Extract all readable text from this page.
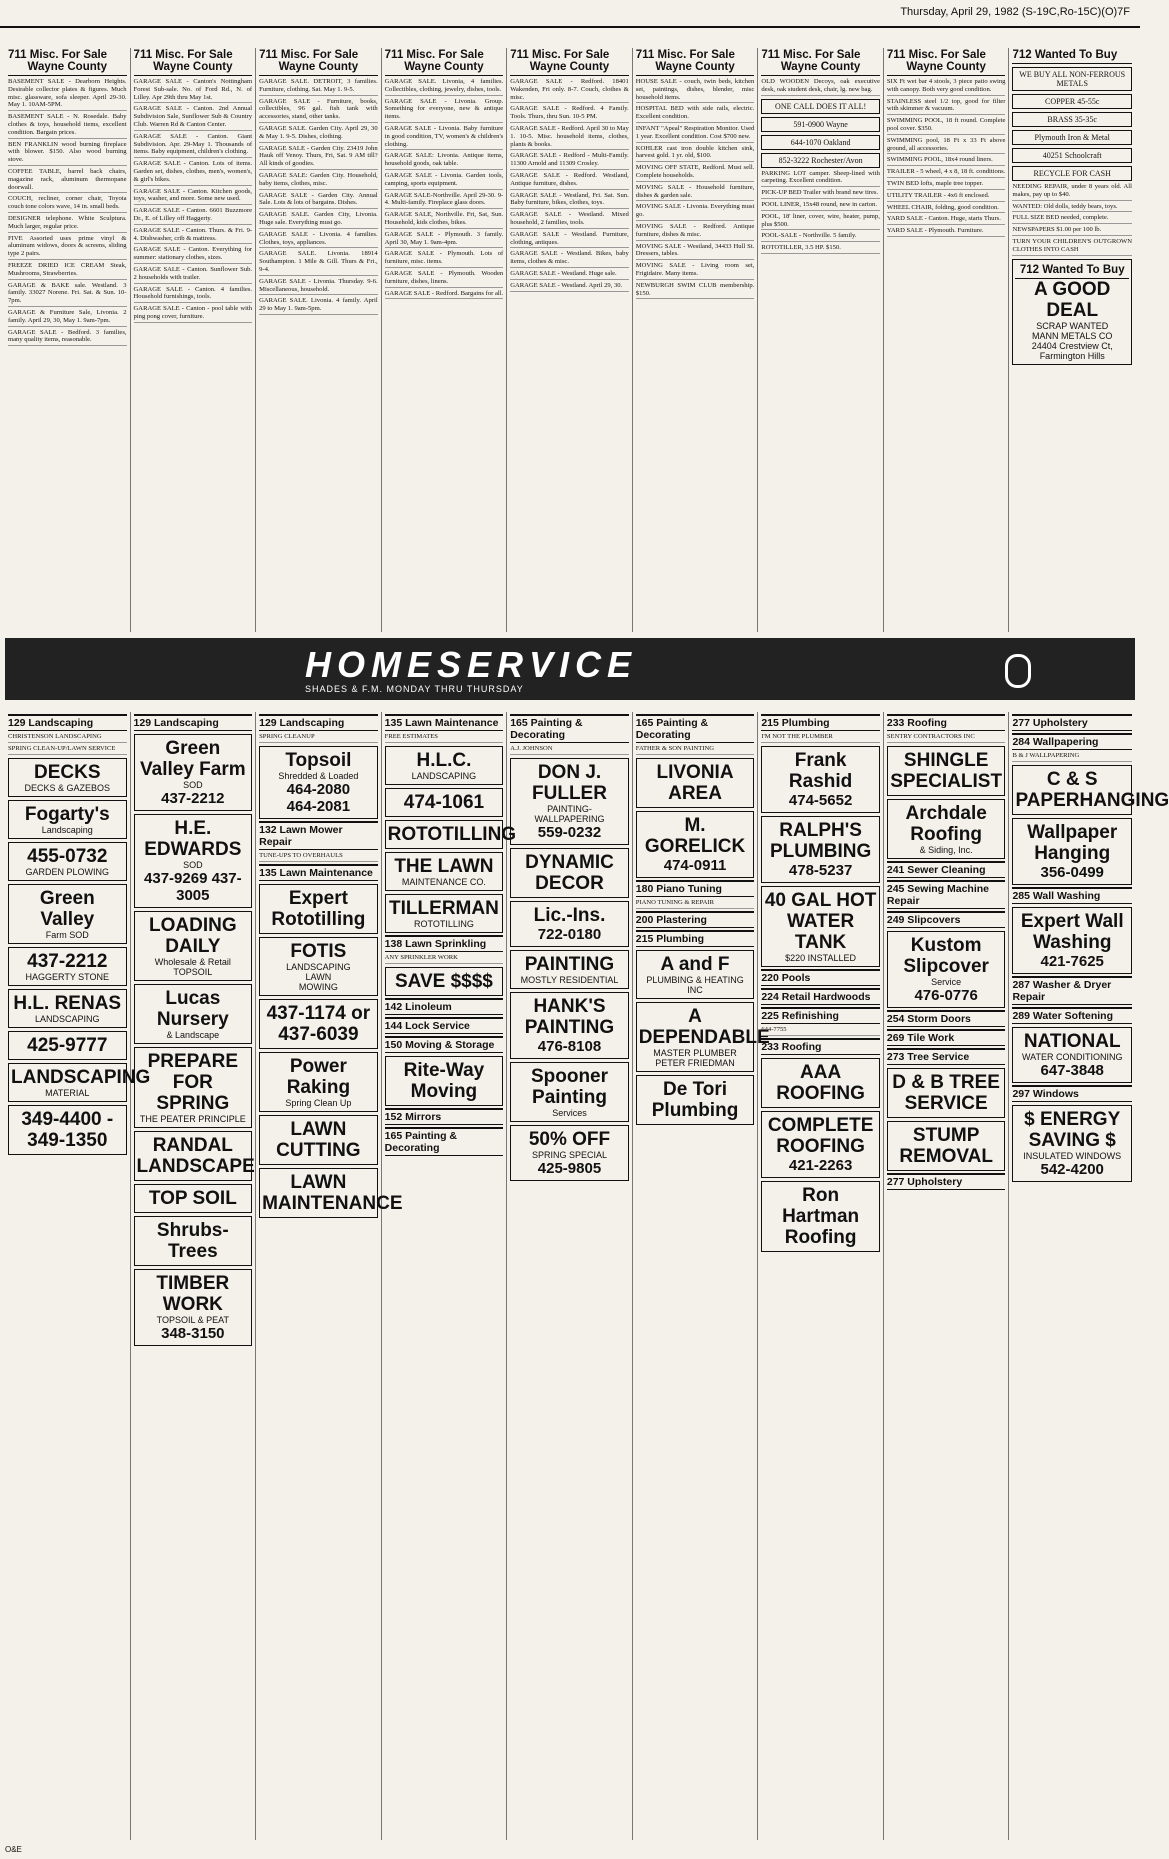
Thursday, April 29, 1982 (S-19C,Ro-15C)(O)7F
711 Misc. For Sale
Wayne County
BASEMENT SALE - Dearborn Heights. Desirable collector plates & figures. Much misc. glassware, sofa sleeper. April 29-30. May 1. 10AM-5PM.
BASEMENT SALE - N. Rosedale. Baby clothes & toys, household items, excellent condition. Bargain prices.
BEN FRANKLIN wood burning fireplace with blower. $150. Also wood burning stove.
COFFEE TABLE, barrel back chairs, magazine rack, aluminum thermopane doorwall.
COUCH, recliner, corner chair, Toyota couch tone colors wave, 14 in. small beds.
DESIGNER telephone. White Sculptura. Much larger, regular price.
FIVE Assorted uses prime vinyl & aluminum widows, doors & screens, sliding type 2 pairs.
FREEZE DRIED ICE CREAM Steak, Mushrooms, Strawberries.
GARAGE & BAKE sale. Westland. 3 family. 33027 Norene. Fri. Sat. & Sun. 10-7pm.
GARAGE & Furniture Sale, Livonia. 2 family. April 29, 30, May 1. 9am-7pm.
GARAGE SALE - Bedford. 3 families, many quality items, reasonable.
711 Misc. For Sale
Wayne County
GARAGE SALE - Canton's Nottingham Forest Sub-sale. No. of Ford Rd., N. of Lilley. Apr 29th thru May 1st.
GARAGE SALE - Canton. 2nd Annual Subdivision Sale, Sunflower Sub & Country Club. Warren Rd & Canton Center.
GARAGE SALE - Canton. Giant Subdivision. Apr. 29-May 1. Thousands of items. Baby equipment, children's clothing.
GARAGE SALE - Canton. Lots of items. Garden set, dishes, clothes, men's, women's, & girl's bikes.
GARAGE SALE - Canton. Kitchen goods, toys, washer, and more. Some new used.
GARAGE SALE - Canton. 6601 Buzzmore Dr., E. of Lilley off Haggerty.
GARAGE SALE - Canton. Thurs. & Fri. 9-4. Dishwasher, crib & mattress.
GARAGE SALE - Canton. Everything for summer: stationary clothes, sizes.
GARAGE SALE - Canton. Sunflower Sub. 2 households with trailer.
GARAGE SALE - Canton. 4 families. Household furnishings, tools.
GARAGE SALE - Canton - pool table with ping pong cover, furniture.
711 Misc. For Sale
Wayne County
GARAGE SALE. DETROIT, 3 families. Furniture, clothing. Sat. May 1. 9-5.
GARAGE SALE - Furniture, books, collectibles, 96 gal. fish tank with accessories, stand, other tanks.
GARAGE SALE. Garden City. April 29, 30 & May 1. 9-5. Dishes, clothing.
GARAGE SALE - Garden City. 23419 John Hauk off Venoy. Thurs, Fri, Sat. 9 AM till? All kinds of goodies.
GARAGE SALE: Garden City. Household, baby items, clothes, misc.
GARAGE SALE - Garden City. Annual Sale. Lots & lots of bargains. Dishes.
GARAGE SALE. Garden City, Livonia. Huge sale. Everything must go.
GARAGE SALE - Livonia. 4 families. Clothes, toys, appliances.
GARAGE SALE. Livonia. 18914 Southampton. 1 Mile & Gill. Thurs & Fri., 9-4.
GARAGE SALE - Livonia. Thursday. 9-6. Miscellaneous, household.
GARAGE SALE. Livonia. 4 family. April 29 to May 1. 9am-5pm.
711 Misc. For Sale
Wayne County
GARAGE SALE. Livonia, 4 families. Collectibles, clothing, jewelry, dishes, tools.
GARAGE SALE - Livonia. Group. Something for everyone, new & antique items.
GARAGE SALE - Livonia. Baby furniture in good condition, TV, women's & children's clothing.
GARAGE SALE: Livonia. Antique items, household goods, oak table.
GARAGE SALE - Livonia. Garden tools, camping, sports equipment.
GARAGE SALE-Northville. April 29-30. 9-4. Multi-family. Fireplace glass doors.
GARAGE SALE, Northville. Fri, Sat, Sun. Household, kids clothes, bikes.
GARAGE SALE - Plymouth. 3 family. April 30, May 1. 9am-4pm.
GARAGE SALE - Plymouth. Lots of furniture, misc. items.
GARAGE SALE - Plymouth. Wooden furniture, dishes, linens.
GARAGE SALE - Redford. Bargains for all.
711 Misc. For Sale
Wayne County
GARAGE SALE - Redford. 18401 Wakenden, Fri only. 8-7. Couch, clothes & misc.
GARAGE SALE - Redford. 4 Family. Tools. Thurs, thru Sun. 10-5 PM.
GARAGE SALE - Redford. April 30 to May 1. 10-5. Misc. household items, clothes, plants & books.
GARAGE SALE - Redford - Multi-Family. 11300 Arnold and 11309 Crosley.
GARAGE SALE - Redford. Westland, Antique furniture, dishes.
GARAGE SALE - Westland, Fri. Sat. Sun. Baby furniture, bikes, clothes, toys.
GARAGE SALE - Westland. Mixed household, 2 families, tools.
GARAGE SALE - Westland. Furniture, clothing, antiques.
GARAGE SALE - Westland. Bikes, baby items, clothes & misc.
GARAGE SALE - Westland. Huge sale.
GARAGE SALE - Westland. April 29, 30.
711 Misc. For Sale
Wayne County
HOUSE SALE - couch, twin beds, kitchen set, paintings, dishes, blender, misc household items.
HOSPITAL BED with side rails, electric. Excellent condition.
INFANT "Apeal" Respiration Monitor. Used 1 year. Excellent condition. Cost $700 new.
KOHLER cast iron double kitchen sink, harvest gold. 1 yr. old, $100.
MOVING OFF STATE, Redford. Must sell. Complete households.
MOVING SALE - Household furniture, dishes & garden sale.
MOVING SALE - Livonia. Everything must go.
MOVING SALE - Redford. Antique furniture, dishes & misc.
MOVING SALE - Westland, 34433 Hull St. Dressers, tables.
MOVING SALE - Living room set, Frigidaire. Many items.
NEWBURGH SWIM CLUB membership. $150.
711 Misc. For Sale
Wayne County
OLD WOODEN Decoys, oak executive desk, oak student desk, chair, lg. new bag.
ONE CALL DOES IT ALL!
591-0900 Wayne
644-1070 Oakland
852-3222 Rochester/Avon
PARKING LOT camper. Sheep-lined with carpeting. Excellent condition.
PICK-UP BED Trailer with brand new tires.
POOL LINER, 15x48 round, new in carton.
POOL, 18' liner, cover, wire, heater, pump, plus $500.
POOL-SALE - Northville. 5 family.
ROTOTILLER, 3.5 HP. $150.
711 Misc. For Sale
Wayne County
SIX Ft wet bar 4 stools, 3 piece patio swing with canopy. Both very good condition.
STAINLESS steel 1/2 top, good for filter with skimmer & vacuum.
SWIMMING POOL, 18 ft round. Complete pool cover. $350.
SWIMMING pool, 18 Ft x 33 Ft above ground, all accessories.
SWIMMING POOL, 18x4 round liners.
TRAILER - 5 wheel, 4 x 8, 18 ft. conditions.
TWIN BED lofts, maple tree topper.
UTILITY TRAILER - 4x6 ft enclosed.
WHEEL CHAIR, folding, good condition.
YARD SALE - Canton. Huge, starts Thurs.
YARD SALE - Plymouth. Furniture.
712 Wanted To Buy
WE BUY ALL NON-FERROUS METALS
COPPER 45-55c
BRASS 35-35c
Plymouth Iron & Metal
40251 Schoolcraft
RECYCLE FOR CASH
NEEDING REPAIR, under 8 years old. All makes, pay up to $40.
WANTED: Old dolls, teddy bears, toys.
FULL SIZE BED needed, complete.
NEWSPAPERS $1.00 per 100 lb.
TURN YOUR CHILDREN'S OUTGROWN CLOTHES INTO CASH
712 Wanted To Buy
A GOOD DEAL
SCRAP WANTED
MANN METALS CO
24404 Crestview Ct, Farmington Hills
HOMESERVICE
SHADES & F.M. MONDAY THRU THURSDAY
129 Landscaping
CHRISTENSON LANDSCAPING
SPRING CLEAN-UP/LAWN SERVICE
DECKS
DECKS & GAZEBOS
Fogarty's
Landscaping
455-0732
GARDEN PLOWING
Green Valley
Farm SOD
437-2212
HAGGERTY STONE
H.L. RENAS
LANDSCAPING
425-9777
LANDSCAPING
MATERIAL
349-4400 - 349-1350
129 Landscaping
Green Valley Farm
SOD
437-2212
H.E. EDWARDS
SOD
437-9269 437-3005
LOADING DAILY
Wholesale & Retail
TOPSOIL
Lucas Nursery
& Landscape
PREPARE FOR SPRING
THE PEATER PRINCIPLE
RANDAL LANDSCAPE
TOP SOIL
Shrubs-Trees
TIMBER WORK
TOPSOIL & PEAT
348-3150
129 Landscaping
SPRING CLEANUP
Topsoil
Shredded & Loaded
464-2080
464-2081
132 Lawn Mower Repair
TUNE-UPS TO OVERHAULS
135 Lawn Maintenance
Expert Rototilling
FOTIS
LANDSCAPING
LAWN
MOWING
437-1174 or 437-6039
Power Raking
Spring Clean Up
LAWN CUTTING
LAWN MAINTENANCE
135 Lawn Maintenance
FREE ESTIMATES
H.L.C.
LANDSCAPING
474-1061
ROTOTILLING
THE LAWN
MAINTENANCE CO.
TILLERMAN
ROTOTILLING
138 Lawn Sprinkling
ANY SPRINKLER WORK
SAVE $$$$
142 Linoleum
144 Lock Service
150 Moving & Storage
Rite-Way Moving
152 Mirrors
165 Painting & Decorating
165 Painting & Decorating
A.J. JOHNSON
DON J. FULLER
PAINTING-WALLPAPERING
559-0232
DYNAMIC DECOR
Lic.-Ins.
722-0180
PAINTING
MOSTLY RESIDENTIAL
HANK'S PAINTING
476-8108
Spooner Painting
Services
50% OFF
SPRING SPECIAL
425-9805
165 Painting & Decorating
FATHER & SON PAINTING
LIVONIA AREA
M. GORELICK
474-0911
180 Piano Tuning
PIANO TUNING & REPAIR
200 Plastering
215 Plumbing
A and F
PLUMBING & HEATING INC
A DEPENDABLE
MASTER PLUMBER
PETER FRIEDMAN
De Tori Plumbing
215 Plumbing
I'M NOT THE PLUMBER
Frank Rashid
474-5652
RALPH'S PLUMBING
478-5237
40 GAL HOT WATER TANK
$220 INSTALLED
220 Pools
224 Retail Hardwoods
225 Refinishing
644-7755
233 Roofing
AAA ROOFING
COMPLETE ROOFING
421-2263
Ron Hartman Roofing
233 Roofing
SENTRY CONTRACTORS INC
SHINGLE SPECIALIST
Archdale Roofing
& Siding, Inc.
241 Sewer Cleaning
245 Sewing Machine Repair
249 Slipcovers
Kustom Slipcover
Service
476-0776
254 Storm Doors
269 Tile Work
273 Tree Service
D & B TREE SERVICE
STUMP REMOVAL
277 Upholstery
277 Upholstery
284 Wallpapering
B & J WALLPAPERING
C & S PAPERHANGING
Wallpaper Hanging
356-0499
285 Wall Washing
Expert Wall Washing
421-7625
287 Washer & Dryer Repair
289 Water Softening
NATIONAL
WATER CONDITIONING
647-3848
297 Windows
$ ENERGY SAVING $
INSULATED WINDOWS
542-4200
O&E
